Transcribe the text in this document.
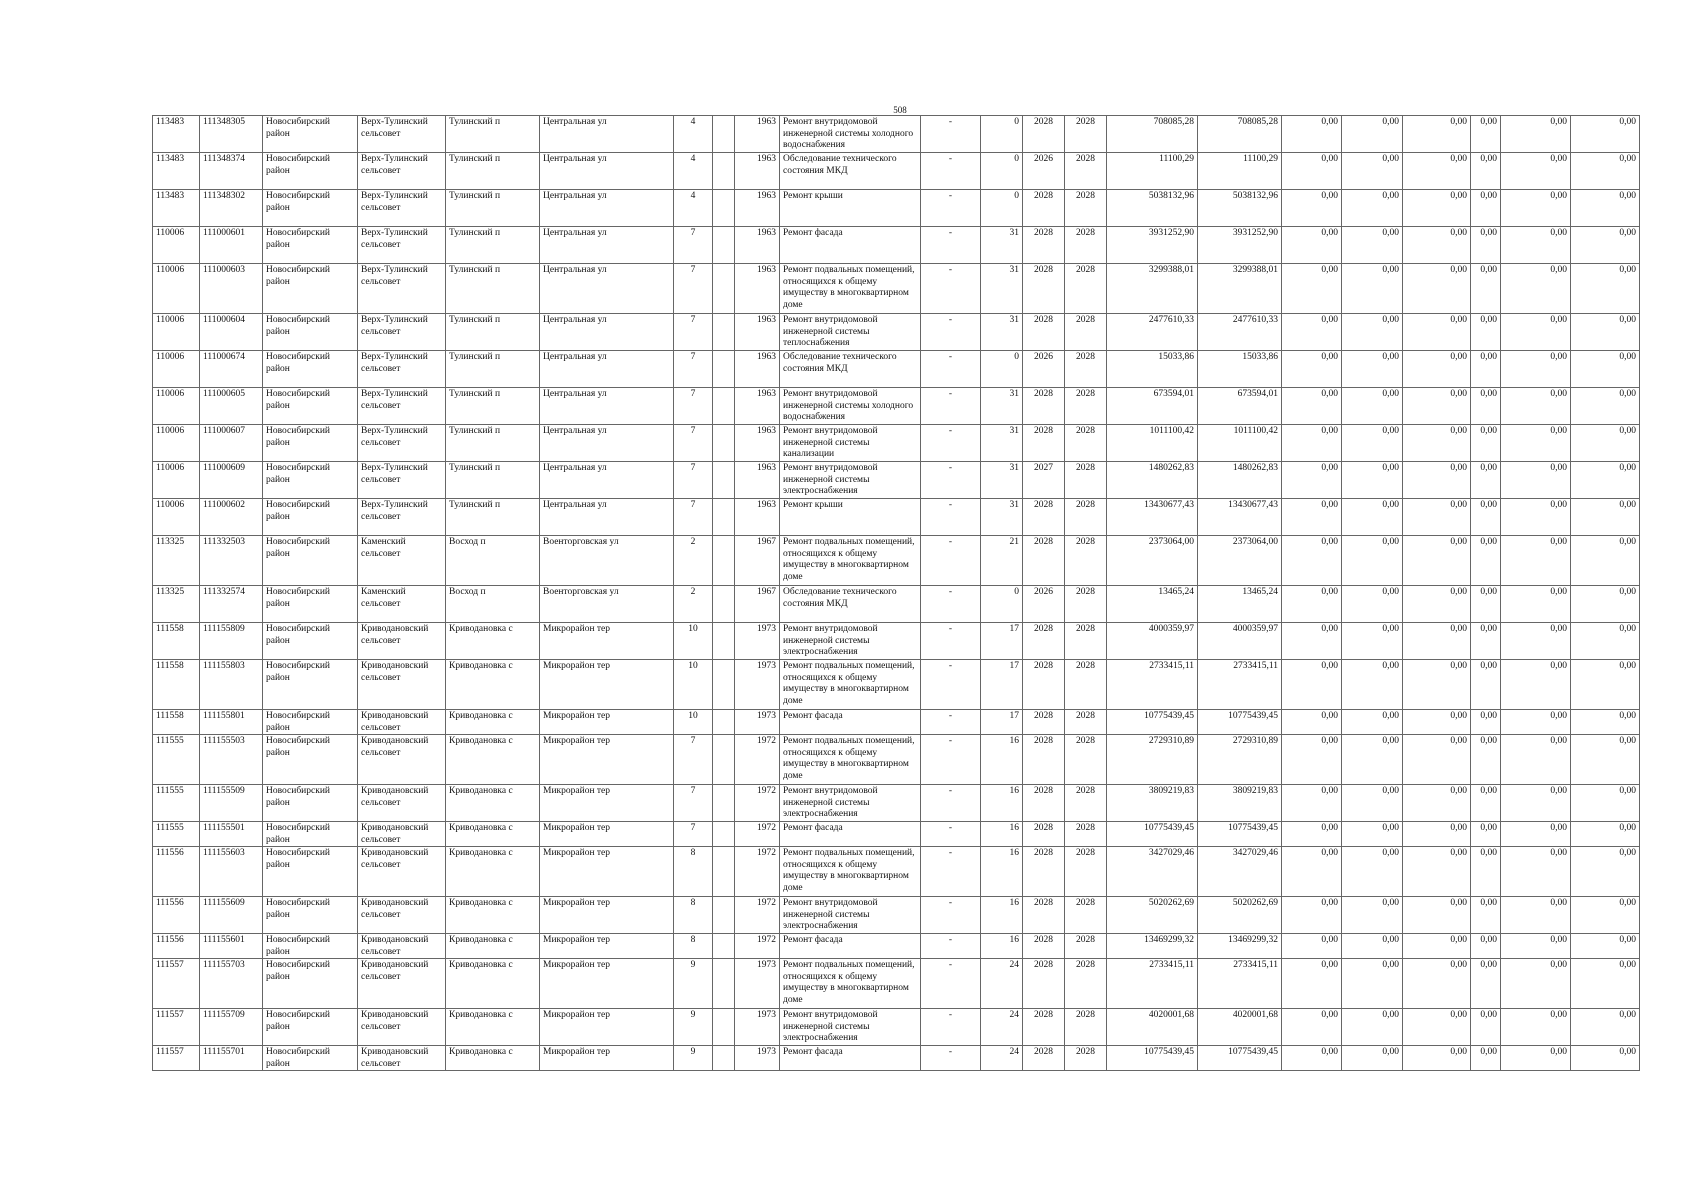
508
113483	111348305	Новосибирский район	Верх-Тулинский сельсовет	Тулинский п	Центральная ул	4		1963	Ремонт внутридомовой инженерной системы холодного водоснабжения	-	0	2028	2028	708085,28	708085,28	0,00	0,00	0,00	0,00	0,00	0,00
113483	111348374	Новосибирский район	Верх-Тулинский сельсовет	Тулинский п	Центральная ул	4		1963	Обследование технического состояния МКД	-	0	2026	2028	11100,29	11100,29	0,00	0,00	0,00	0,00	0,00	0,00
113483	111348302	Новосибирский район	Верх-Тулинский сельсовет	Тулинский п	Центральная ул	4		1963	Ремонт крыши	-	0	2028	2028	5038132,96	5038132,96	0,00	0,00	0,00	0,00	0,00	0,00
110006	111000601	Новосибирский район	Верх-Тулинский сельсовет	Тулинский п	Центральная ул	7		1963	Ремонт фасада	-	31	2028	2028	3931252,90	3931252,90	0,00	0,00	0,00	0,00	0,00	0,00
110006	111000603	Новосибирский район	Верх-Тулинский сельсовет	Тулинский п	Центральная ул	7		1963	Ремонт подвальных помещений, относящихся к общему имуществу в многоквартирном доме	-	31	2028	2028	3299388,01	3299388,01	0,00	0,00	0,00	0,00	0,00	0,00
110006	111000604	Новосибирский район	Верх-Тулинский сельсовет	Тулинский п	Центральная ул	7		1963	Ремонт внутридомовой инженерной системы теплоснабжения	-	31	2028	2028	2477610,33	2477610,33	0,00	0,00	0,00	0,00	0,00	0,00
110006	111000674	Новосибирский район	Верх-Тулинский сельсовет	Тулинский п	Центральная ул	7		1963	Обследование технического состояния МКД	-	0	2026	2028	15033,86	15033,86	0,00	0,00	0,00	0,00	0,00	0,00
110006	111000605	Новосибирский район	Верх-Тулинский сельсовет	Тулинский п	Центральная ул	7		1963	Ремонт внутридомовой инженерной системы холодного водоснабжения	-	31	2028	2028	673594,01	673594,01	0,00	0,00	0,00	0,00	0,00	0,00
110006	111000607	Новосибирский район	Верх-Тулинский сельсовет	Тулинский п	Центральная ул	7		1963	Ремонт внутридомовой инженерной системы канализации	-	31	2028	2028	1011100,42	1011100,42	0,00	0,00	0,00	0,00	0,00	0,00
110006	111000609	Новосибирский район	Верх-Тулинский сельсовет	Тулинский п	Центральная ул	7		1963	Ремонт внутридомовой инженерной системы электроснабжения	-	31	2027	2028	1480262,83	1480262,83	0,00	0,00	0,00	0,00	0,00	0,00
110006	111000602	Новосибирский район	Верх-Тулинский сельсовет	Тулинский п	Центральная ул	7		1963	Ремонт крыши	-	31	2028	2028	13430677,43	13430677,43	0,00	0,00	0,00	0,00	0,00	0,00
113325	111332503	Новосибирский район	Каменский сельсовет	Восход п	Военторговская ул	2		1967	Ремонт подвальных помещений, относящихся к общему имуществу в многоквартирном доме	-	21	2028	2028	2373064,00	2373064,00	0,00	0,00	0,00	0,00	0,00	0,00
113325	111332574	Новосибирский район	Каменский сельсовет	Восход п	Военторговская ул	2		1967	Обследование технического состояния МКД	-	0	2026	2028	13465,24	13465,24	0,00	0,00	0,00	0,00	0,00	0,00
111558	111155809	Новосибирский район	Криводановский сельсовет	Криводановка с	Микрорайон тер	10		1973	Ремонт внутридомовой инженерной системы электроснабжения	-	17	2028	2028	4000359,97	4000359,97	0,00	0,00	0,00	0,00	0,00	0,00
111558	111155803	Новосибирский район	Криводановский сельсовет	Криводановка с	Микрорайон тер	10		1973	Ремонт подвальных помещений, относящихся к общему имуществу в многоквартирном доме	-	17	2028	2028	2733415,11	2733415,11	0,00	0,00	0,00	0,00	0,00	0,00
111558	111155801	Новосибирский район	Криводановский сельсовет	Криводановка с	Микрорайон тер	10		1973	Ремонт фасада	-	17	2028	2028	10775439,45	10775439,45	0,00	0,00	0,00	0,00	0,00	0,00
111555	111155503	Новосибирский район	Криводановский сельсовет	Криводановка с	Микрорайон тер	7		1972	Ремонт подвальных помещений, относящихся к общему имуществу в многоквартирном доме	-	16	2028	2028	2729310,89	2729310,89	0,00	0,00	0,00	0,00	0,00	0,00
111555	111155509	Новосибирский район	Криводановский сельсовет	Криводановка с	Микрорайон тер	7		1972	Ремонт внутридомовой инженерной системы электроснабжения	-	16	2028	2028	3809219,83	3809219,83	0,00	0,00	0,00	0,00	0,00	0,00
111555	111155501	Новосибирский район	Криводановский сельсовет	Криводановка с	Микрорайон тер	7		1972	Ремонт фасада	-	16	2028	2028	10775439,45	10775439,45	0,00	0,00	0,00	0,00	0,00	0,00
111556	111155603	Новосибирский район	Криводановский сельсовет	Криводановка с	Микрорайон тер	8		1972	Ремонт подвальных помещений, относящихся к общему имуществу в многоквартирном доме	-	16	2028	2028	3427029,46	3427029,46	0,00	0,00	0,00	0,00	0,00	0,00
111556	111155609	Новосибирский район	Криводановский сельсовет	Криводановка с	Микрорайон тер	8		1972	Ремонт внутридомовой инженерной системы электроснабжения	-	16	2028	2028	5020262,69	5020262,69	0,00	0,00	0,00	0,00	0,00	0,00
111556	111155601	Новосибирский район	Криводановский сельсовет	Криводановка с	Микрорайон тер	8		1972	Ремонт фасада	-	16	2028	2028	13469299,32	13469299,32	0,00	0,00	0,00	0,00	0,00	0,00
111557	111155703	Новосибирский район	Криводановский сельсовет	Криводановка с	Микрорайон тер	9		1973	Ремонт подвальных помещений, относящихся к общему имуществу в многоквартирном доме	-	24	2028	2028	2733415,11	2733415,11	0,00	0,00	0,00	0,00	0,00	0,00
111557	111155709	Новосибирский район	Криводановский сельсовет	Криводановка с	Микрорайон тер	9		1973	Ремонт внутридомовой инженерной системы электроснабжения	-	24	2028	2028	4020001,68	4020001,68	0,00	0,00	0,00	0,00	0,00	0,00
111557	111155701	Новосибирский район	Криводановский сельсовет	Криводановка с	Микрорайон тер	9		1973	Ремонт фасада	-	24	2028	2028	10775439,45	10775439,45	0,00	0,00	0,00	0,00	0,00	0,00
